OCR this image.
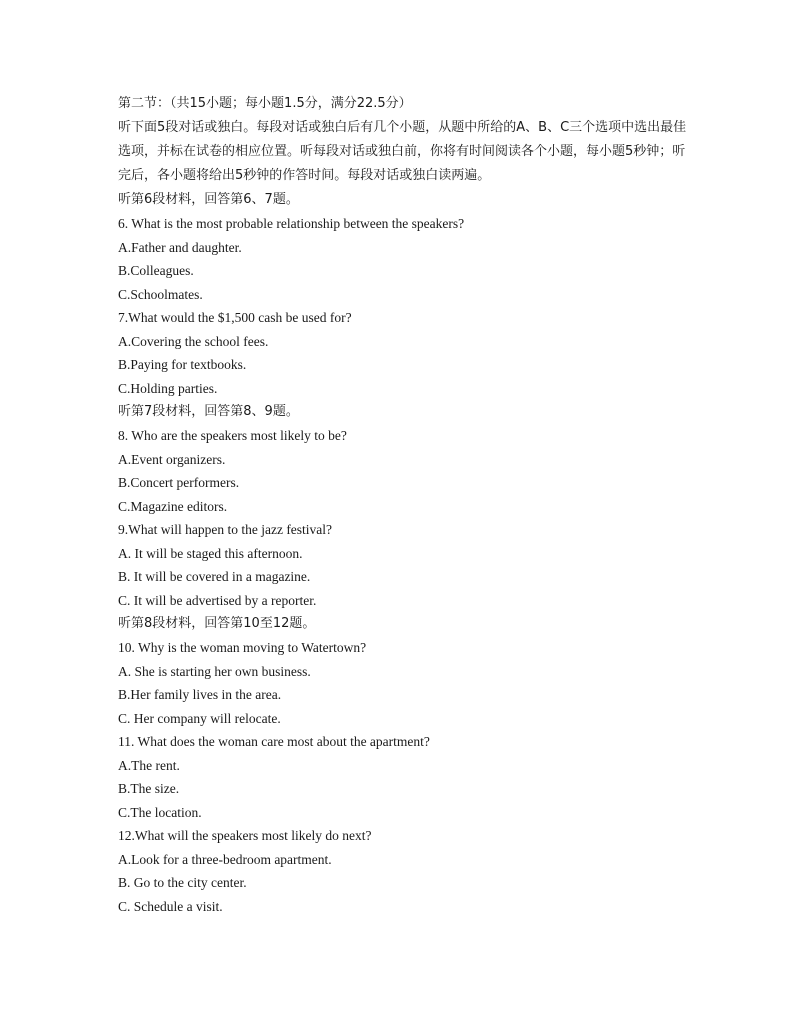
第二节：（共15小题；每小题1.5分，满分22.5分）
听下面5段对话或独白。每段对话或独白后有几个小题，从题中所给的A、B、C三个选项中选出最佳选项，并标在试卷的相应位置。听每段对话或独白前，你将有时间阅读各个小题，每小题5秒钟；听完后，各小题将给出5秒钟的作答时间。每段对话或独白读两遍。
听第6段材料，回答第6、7题。
6. What is the most probable relationship between the speakers?
A.Father and daughter.
B.Colleagues.
C.Schoolmates.
7.What would the $1,500 cash be used for?
A.Covering the school fees.
B.Paying for textbooks.
C.Holding parties.
听第7段材料，回答第8、9题。
8. Who are the speakers most likely to be?
A.Event organizers.
B.Concert performers.
C.Magazine editors.
9.What will happen to the jazz festival?
A. It will be staged this afternoon.
B. It will be covered in a magazine.
C. It will be advertised by a reporter.
听第8段材料，回答第10至12题。
10. Why is the woman moving to Watertown?
A. She is starting her own business.
B.Her family lives in the area.
C. Her company will relocate.
11. What does the woman care most about the apartment?
A.The rent.
B.The size.
C.The location.
12.What will the speakers most likely do next?
A.Look for a three-bedroom apartment.
B. Go to the city center.
C. Schedule a visit.
